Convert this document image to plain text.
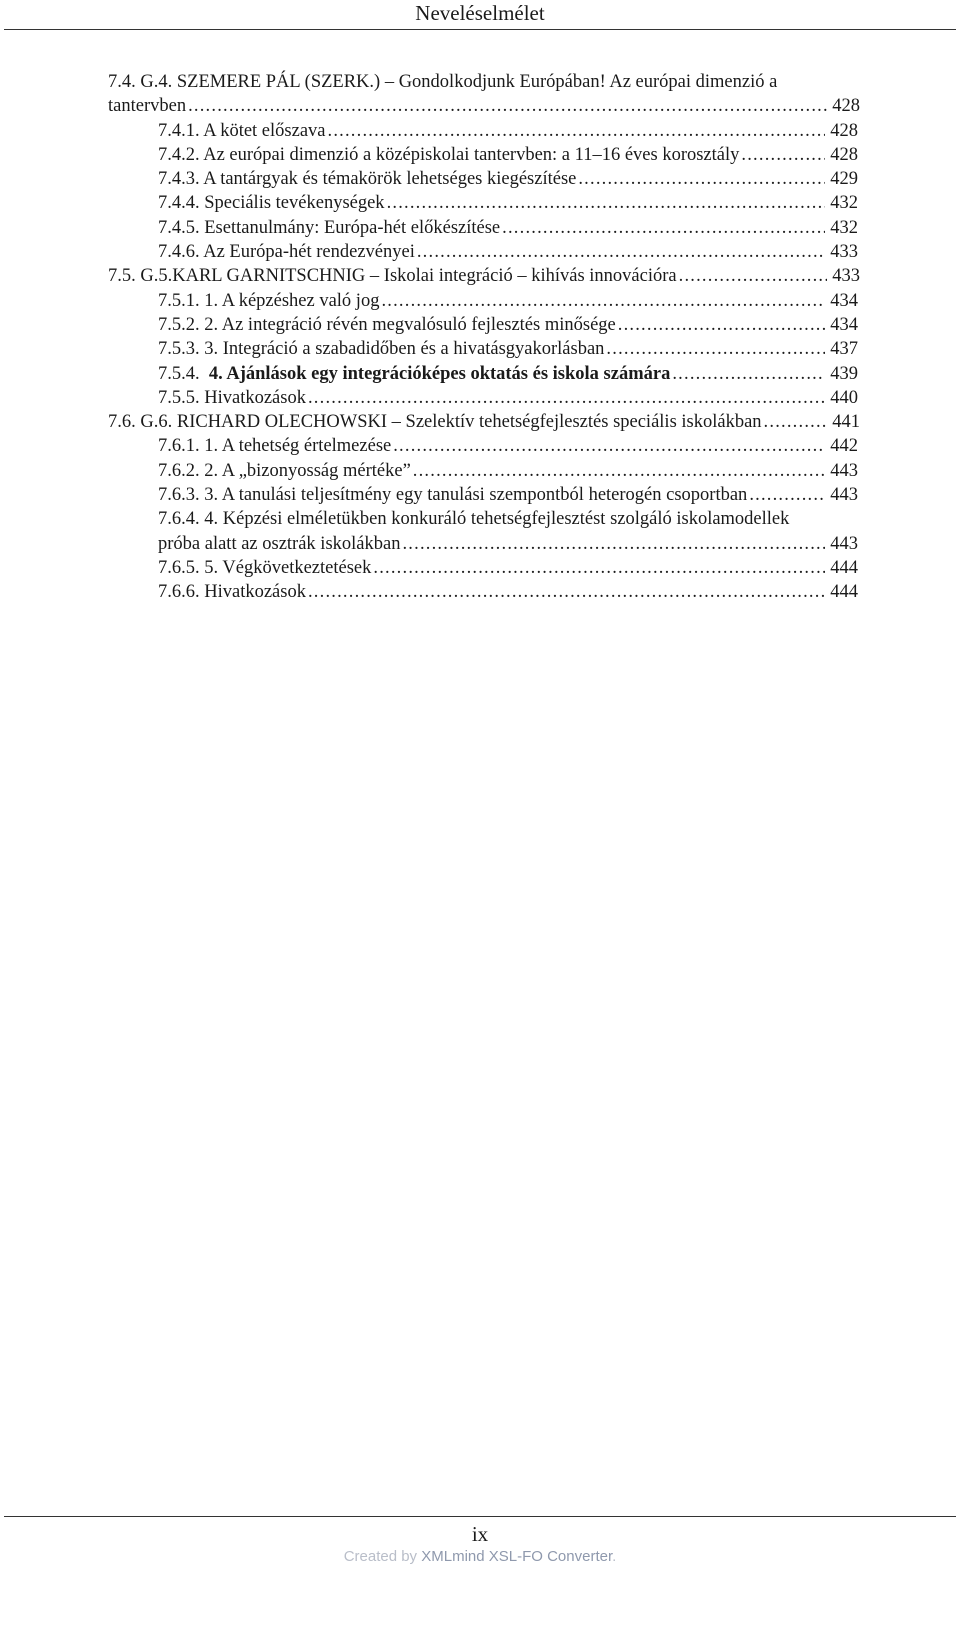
Neveléselmélet
7.4. G.4. SZEMERE PÁL (SZERK.) – Gondolkodjunk Európában! Az európai dimenzió a
tantervben .....	428
7.4.1. A kötet előszava .....	428
7.4.2. Az európai dimenzió a középiskolai tantervben: a 11–16 éves korosztály .....	428
7.4.3. A tantárgyak és témakörök lehetséges kiegészítése .....	429
7.4.4. Speciális tevékenységek .....	432
7.4.5. Esettanulmány: Európa-hét előkészítése .....	432
7.4.6. Az Európa-hét rendezvényei .....	433
7.5. G.5.KARL GARNITSCHNIG – Iskolai integráció – kihívás innovációra .....	433
7.5.1. 1. A képzéshez való jog .....	434
7.5.2. 2. Az integráció révén megvalósuló fejlesztés minősége .....	434
7.5.3. 3. Integráció a szabadidőben és a hivatásgyakorlásban .....	437
7.5.4.
4. Ajánlások egy integrációképes oktatás és iskola számára .....	439
7.5.5. Hivatkozások .....	440
7.6. G.6. RICHARD OLECHOWSKI – Szelektív tehetségfejlesztés speciális iskolákban .....	441
7.6.1. 1. A tehetség értelmezése .....	442
7.6.2. 2. A „bizonyosság mértéke” .....	443
7.6.3. 3. A tanulási teljesítmény egy tanulási szempontból heterogén csoportban .....	443
7.6.4. 4. Képzési elméletükben konkuráló tehetségfejlesztést szolgáló iskolamodellek
próba alatt az osztrák iskolákban .....	443
7.6.5. 5. Végkövetkeztetések .....	444
7.6.6. Hivatkozások .....	444
ix
Created by XMLmind XSL-FO Converter.
